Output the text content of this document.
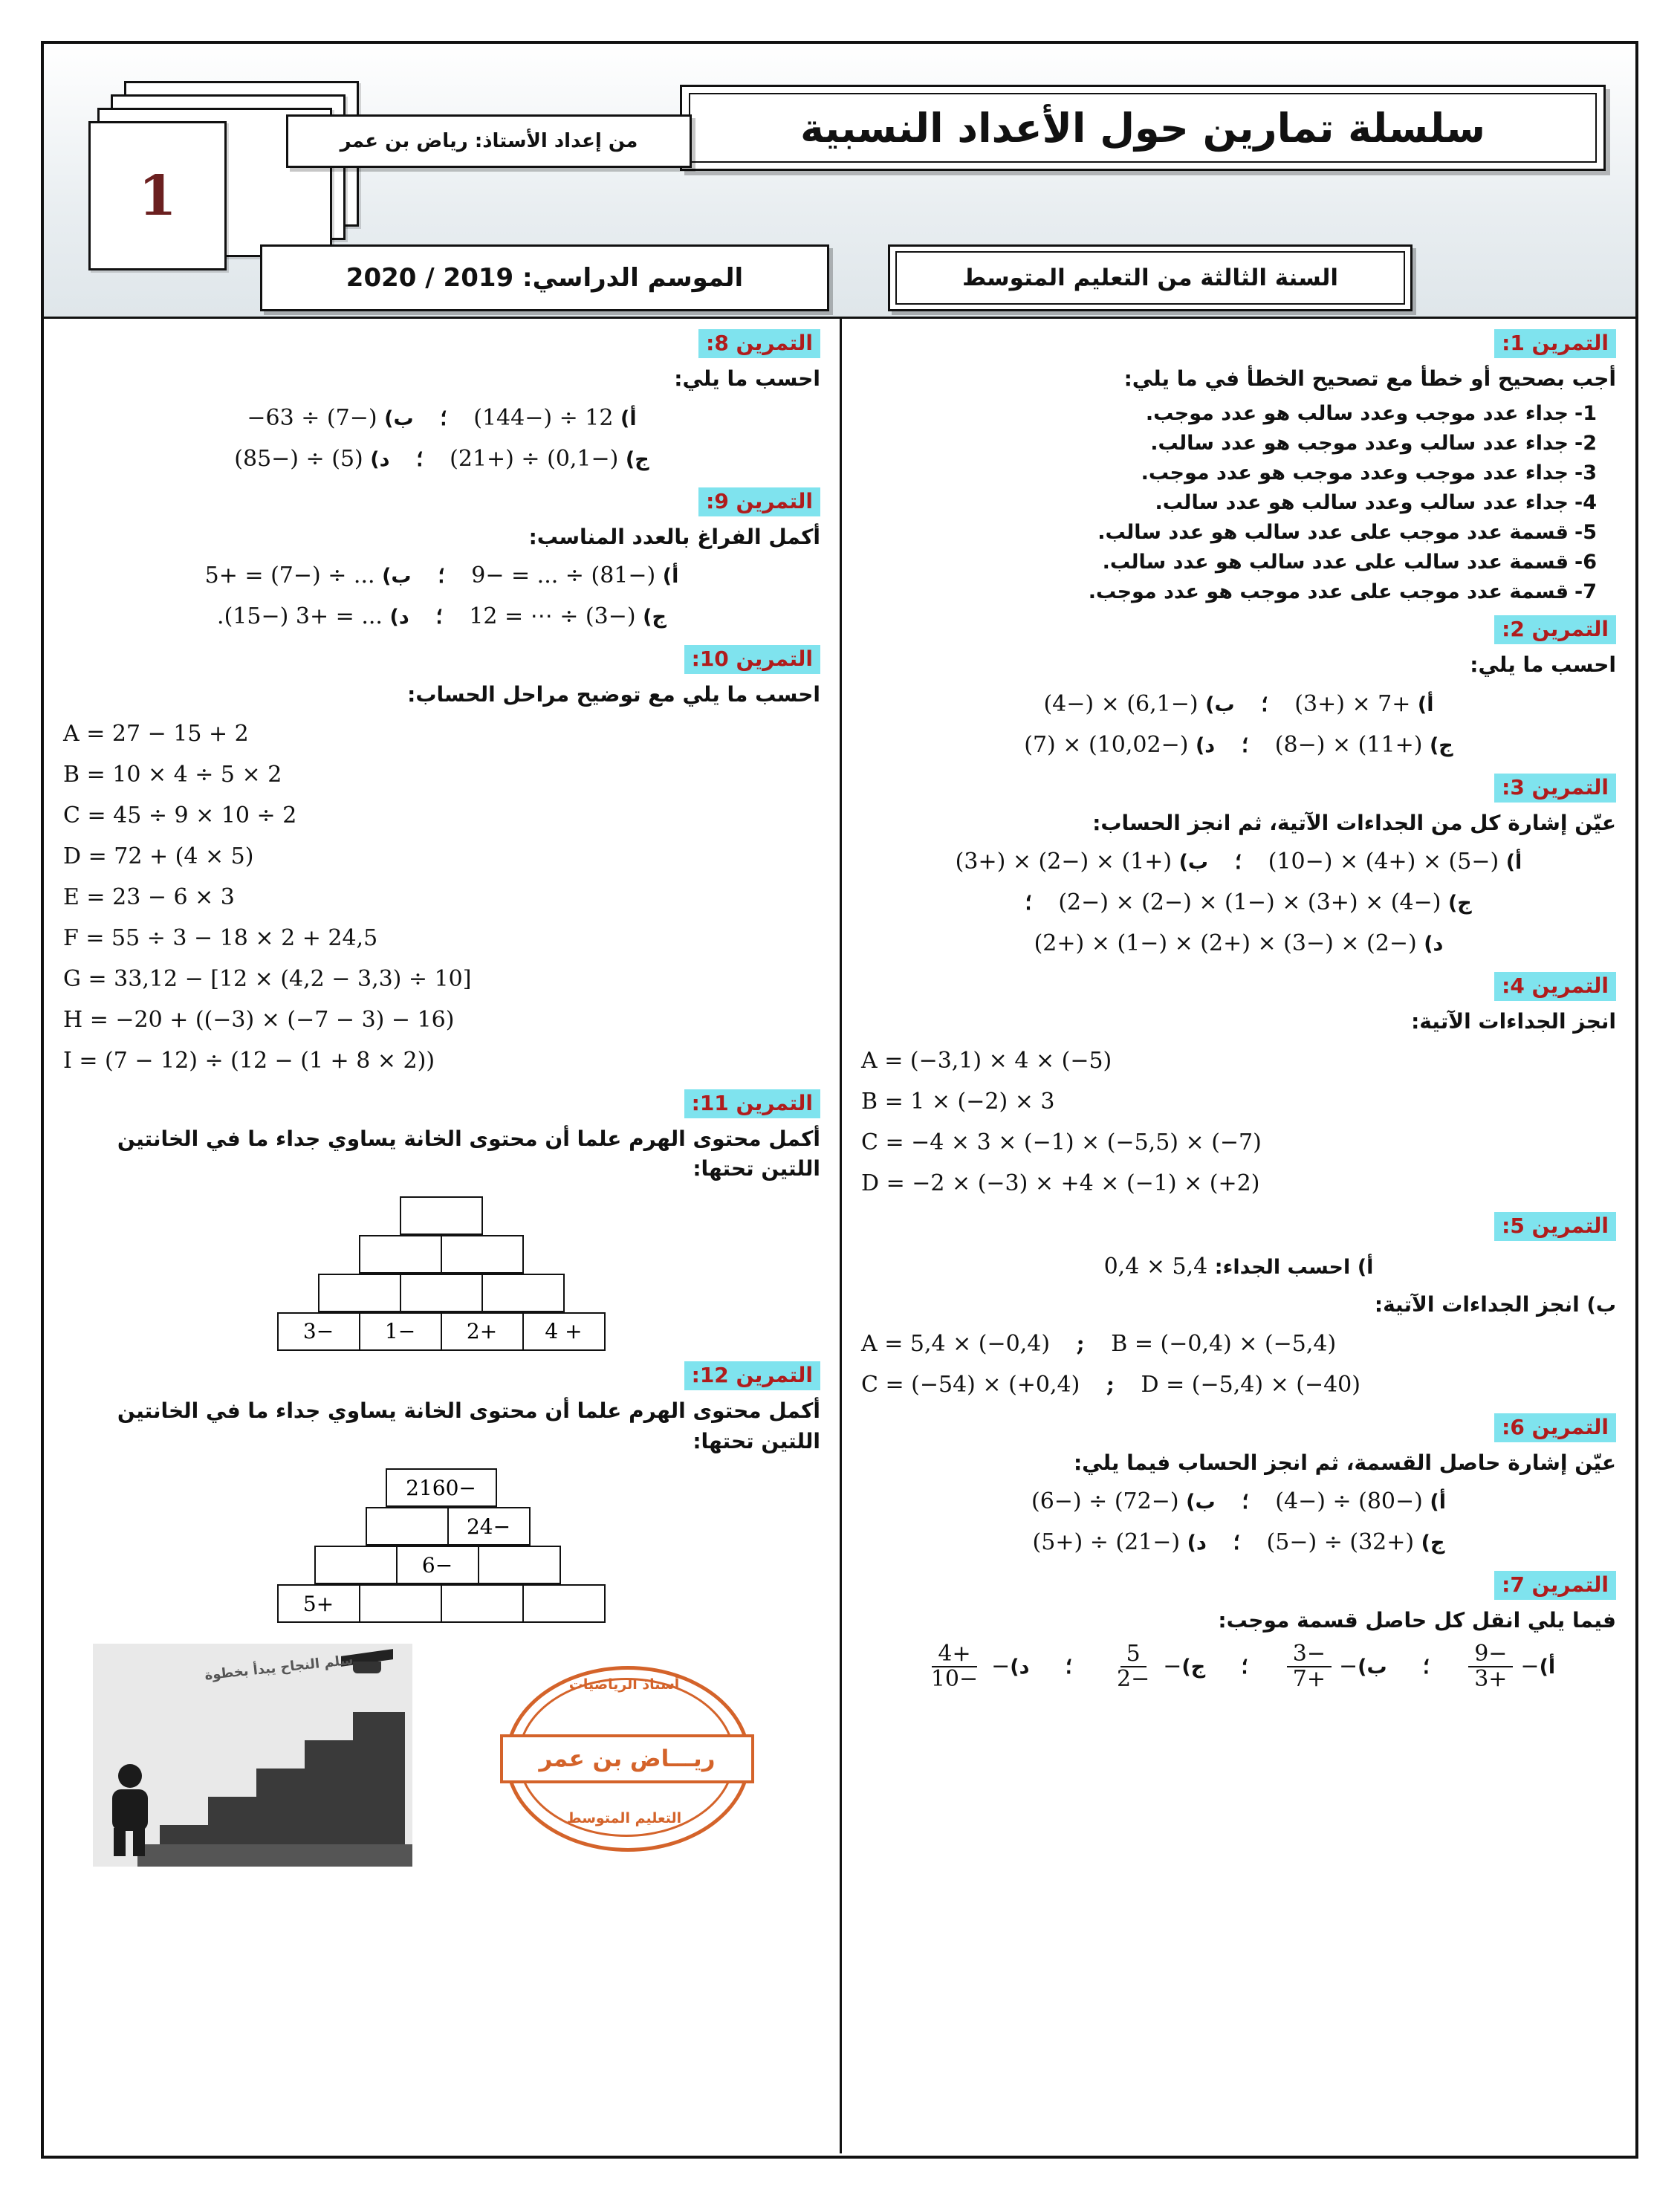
1
سلسلة تمارين حول الأعداد النسبية
من إعداد الأستاذ: رياض بن عمر
السنة الثالثة من التعليم المتوسط
الموسم الدراسي: 2019 / 2020
التمرين 1:
أجب بصحيح أو خطأ مع تصحيح الخطأ في ما يلي:
1-جداء عدد موجب وعدد سالب هو عدد موجب.
2-جداء عدد سالب وعدد موجب هو عدد سالب.
3-جداء عدد موجب وعدد موجب هو عدد موجب.
4-جداء عدد سالب وعدد سالب هو عدد سالب.
5-قسمة عدد موجب على عدد سالب هو عدد سالب.
6-قسمة عدد سالب على عدد سالب هو عدد سالب.
7-قسمة عدد موجب على عدد موجب هو عدد موجب.
التمرين 2:
احسب ما يلي:
أ) +7 × (+3) ؛ ب) (−6,1) × (−4)
ج) (+11) × (−8) ؛ د) (−10,02) × (7)
التمرين 3:
عيّن إشارة كل من الجداءات الآتية، ثم انجز الحساب:
أ) (−5) × (+4) × (−10) ؛ ب) (+1) × (−2) × (+3)
ج) (−4) × (+3) × (−1) × (−2) × (−2) ؛
د) (−2) × (−3) × (+2) × (−1) × (+2)
التمرين 4:
انجز الجداءات الآتية:
A = (−3,1) × 4 × (−5)
B = 1 × (−2) × 3
C = −4 × 3 × (−1) × (−5,5) × (−7)
D = −2 × (−3) × +4 × (−1) × (+2)
التمرين 5:
أ) احسب الجداء: 5,4 × 0,4
ب) انجز الجداءات الآتية:
A = 5,4 × (−0,4) ; B = (−0,4) × (−5,4)
C = (−54) × (+0,4) ; D = (−5,4) × (−40)
التمرين 6:
عيّن إشارة حاصل القسمة، ثم انجز الحساب فيما يلي:
أ) (−80) ÷ (−4) ؛ ب) (−72) ÷ (−6)
ج) (+32) ÷ (−5) ؛ د) (−21) ÷ (+5)
التمرين 7:
فيما يلي انقل كل حاصل قسمة موجب:
أ)
−
$\frac{-9}{+3}$
؛
ب)
−
$\frac{-3}{+7}$
؛
ج)
−
$\frac{5}{-2}$
؛
د)
−
$\frac{+4}{-10}$
التمرين 8:
احسب ما يلي:
أ) 12 ÷ (−144) ؛ ب) (−7) ÷ 63−
ج) (−0,1) ÷ (+21) ؛ د) (5) ÷ (−85)
التمرين 9:
أكمل الفراغ بالعدد المناسب:
أ) (−81) ÷ ... = −9 ؛ ب) ... ÷ (−7) = +5
ج) (−3) ÷ ⋯ = 12 ؛ د) ... = +3 (−15).
التمرين 10:
احسب ما يلي مع توضيح مراحل الحساب:
A = 27 − 15 + 2
B = 10 × 4 ÷ 5 × 2
C = 45 ÷ 9 × 10 ÷ 2
D = 72 + (4 × 5)
E = 23 − 6 × 3
F = 55 ÷ 3 − 18 × 2 + 24,5
G = 33,12 − [12 × (4,2 − 3,3) ÷ 10]
H = −20 + ((−3) × (−7 − 3) − 16)
I = (7 − 12) ÷ (12 − (1 + 8 × 2))
التمرين 11:
أكمل محتوى الهرم علما أن محتوى الخانة يساوي جداء ما في الخانتين اللتين تحتها:
+ 4
+2
−1
−3
التمرين 12:
أكمل محتوى الهرم علما أن محتوى الخانة يساوي جداء ما في الخانتين اللتين تحتها:
−2160
−24
−6
+5
سلم النجاح يبدأ بخطوة
أستاذ الرياضيات
ريـــاض بن عمر
التعليم المتوسط
